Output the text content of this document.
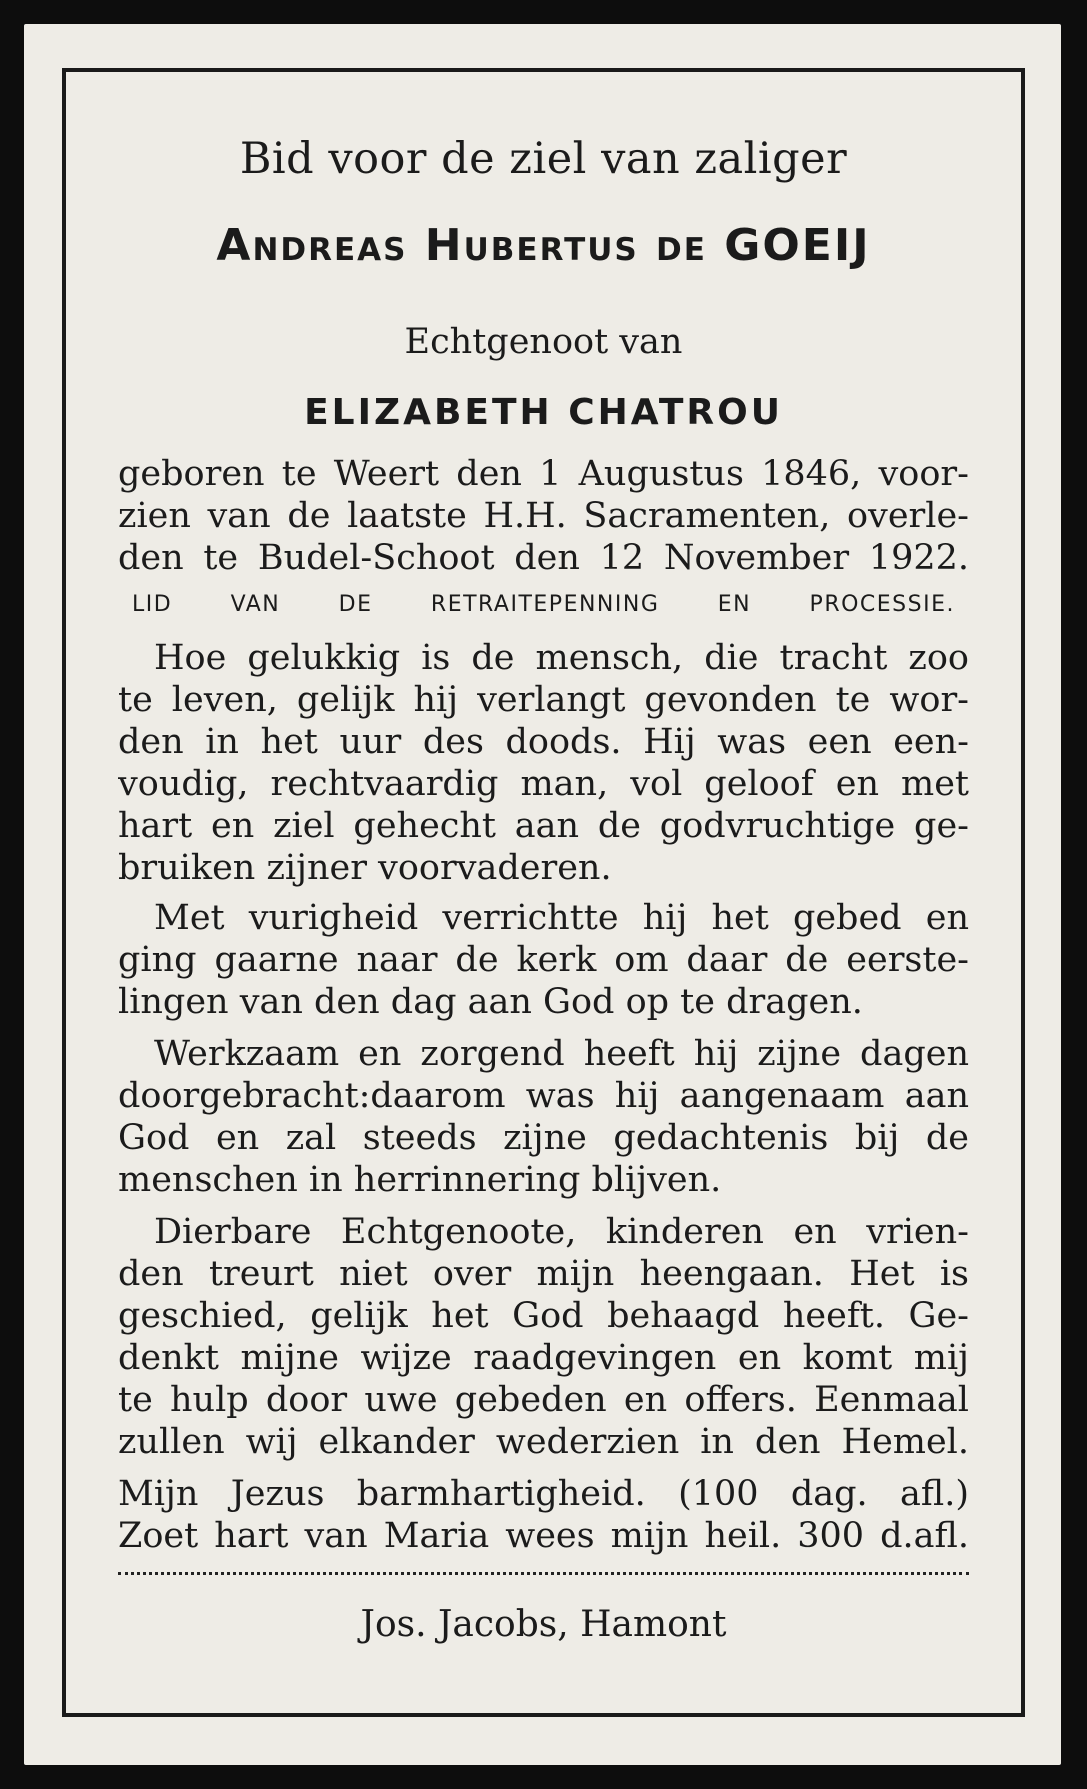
Bid voor de ziel van zaliger
Andreas Hubertus de GOEIJ
Echtgenoot van
ELIZABETH CHATROU
geboren te Weert den 1 Augustus 1846, voor-
zien van de laatste H.H. Sacramenten, overle-
den te Budel-Schoot den 12 November 1922.
LID VAN DE RETRAITEPENNING EN PROCESSIE.
Hoe gelukkig is de mensch, die tracht zoo
te leven, gelijk hij verlangt gevonden te wor-
den in het uur des doods. Hij was een een-
voudig, rechtvaardig man, vol geloof en met
hart en ziel gehecht aan de godvruchtige ge-
bruiken zijner voorvaderen.
Met vurigheid verrichtte hij het gebed en
ging gaarne naar de kerk om daar de eerste-
lingen van den dag aan God op te dragen.
Werkzaam en zorgend heeft hij zijne dagen
doorgebracht:daarom was hij aangenaam aan
God en zal steeds zijne gedachtenis bij de
menschen in herrinnering blijven.
Dierbare Echtgenoote, kinderen en vrien-
den treurt niet over mijn heengaan. Het is
geschied, gelijk het God behaagd heeft. Ge-
denkt mijne wijze raadgevingen en komt mij
te hulp door uwe gebeden en offers. Eenmaal
zullen wij elkander wederzien in den Hemel.
Mijn Jezus barmhartigheid. (100 dag. afl.)
Zoet hart van Maria wees mijn heil. 300 d.afl.
Jos. Jacobs, Hamont
